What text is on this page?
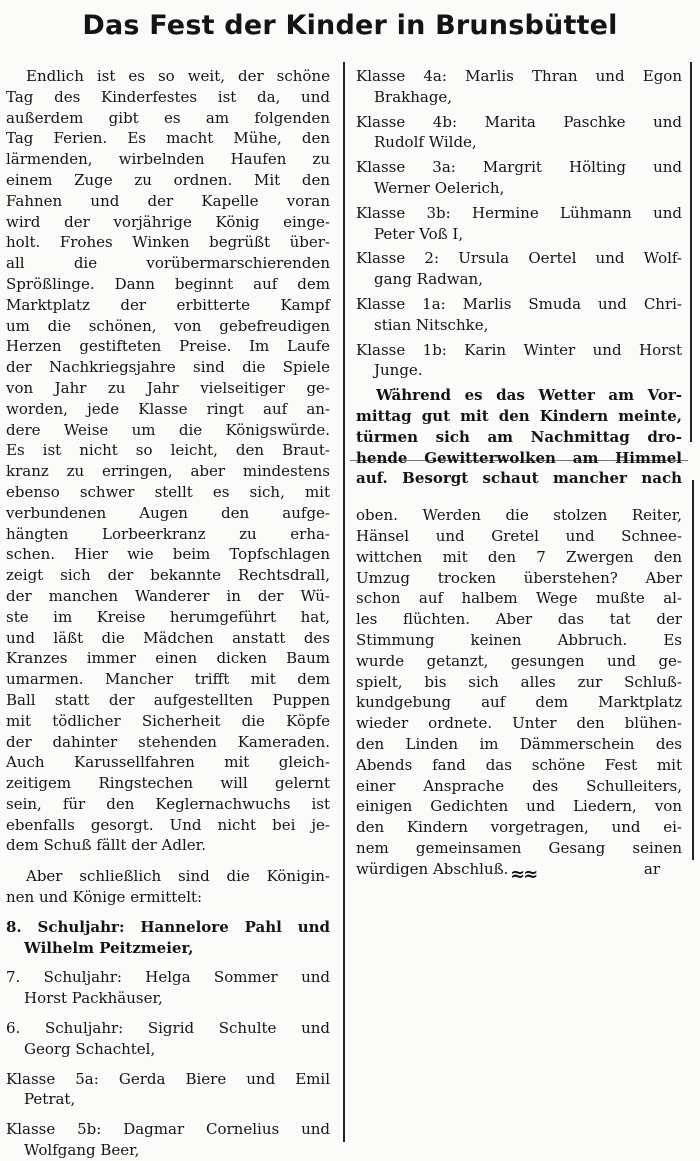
Das Fest der Kinder in Brunsbüttel

Endlich ist es so weit, der schöne

Tag des Kinderfestes ist da, und

außerdem gibt es am folgenden

Tag Ferien. Es macht Mühe, den

lärmenden, wirbelnden Haufen zu

einem Zuge zu ordnen. Mit den

Fahnen und der Kapelle voran

wird der vorjährige König einge-

holt. Frohes Winken begrüßt über-

all die vorübermarschierenden

Sprößlinge. Dann beginnt auf dem

Marktplatz der erbitterte Kampf

um die schönen, von gebefreudigen

Herzen gestifteten Preise. Im Laufe

der Nachkriegsjahre sind die Spiele

von Jahr zu Jahr vielseitiger ge-

worden, jede Klasse ringt auf an-

dere Weise um die Königswürde.

Es ist nicht so leicht, den Braut-

kranz zu erringen, aber mindestens

ebenso schwer stellt es sich, mit

verbundenen Augen den aufge-

hängten Lorbeerkranz zu erha-

schen. Hier wie beim Topfschlagen

zeigt sich der bekannte Rechtsdrall,

der manchen Wanderer in der Wü-

ste im Kreise herumgeführt hat,

und läßt die Mädchen anstatt des

Kranzes immer einen dicken Baum

umarmen. Mancher trifft mit dem

Ball statt der aufgestellten Puppen

mit tödlicher Sicherheit die Köpfe

der dahinter stehenden Kameraden.

Auch Karussellfahren mit gleich-

zeitigem Ringstechen will gelernt

sein, für den Keglernachwuchs ist

ebenfalls gesorgt. Und nicht bei je-

dem Schuß fällt der Adler.

Aber schließlich sind die Königin-

nen und Könige ermittelt:

8. Schuljahr: Hannelore Pahl und

Wilhelm Peitzmeier,

7. Schuljahr: Helga Sommer und

Horst Packhäuser,

6. Schuljahr: Sigrid Schulte und

Georg Schachtel,

Klasse 5a: Gerda Biere und Emil

Petrat,

Klasse 5b: Dagmar Cornelius und

Wolfgang Beer,

Klasse 4a: Marlis Thran und Egon

Brakhage,

Klasse 4b: Marita Paschke und

Rudolf Wilde,

Klasse 3a: Margrit Hölting und

Werner Oelerich,

Klasse 3b: Hermine Lühmann und

Peter Voß I,

Klasse 2: Ursula Oertel und Wolf-

gang Radwan,

Klasse 1a: Marlis Smuda und Chri-

stian Nitschke,

Klasse 1b: Karin Winter und Horst

Junge.

Während es das Wetter am Vor-

mittag gut mit den Kindern meinte,

türmen sich am Nachmittag dro-

hende Gewitterwolken am Himmel

auf. Besorgt schaut mancher nach

oben. Werden die stolzen Reiter,

Hänsel und Gretel und Schnee-

wittchen mit den 7 Zwergen den

Umzug trocken überstehen? Aber

schon auf halbem Wege mußte al-

les flüchten. Aber das tat der

Stimmung keinen Abbruch. Es

wurde getanzt, gesungen und ge-

spielt, bis sich alles zur Schluß-

kundgebung auf dem Marktplatz

wieder ordnete. Unter den blühen-

den Linden im Dämmerschein des

Abends fand das schöne Fest mit

einer Ansprache des Schulleiters,

einigen Gedichten und Liedern, von

den Kindern vorgetragen, und ei-

nem gemeinsamen Gesang seinen

würdigen Abschluß.	ar

≈≈
